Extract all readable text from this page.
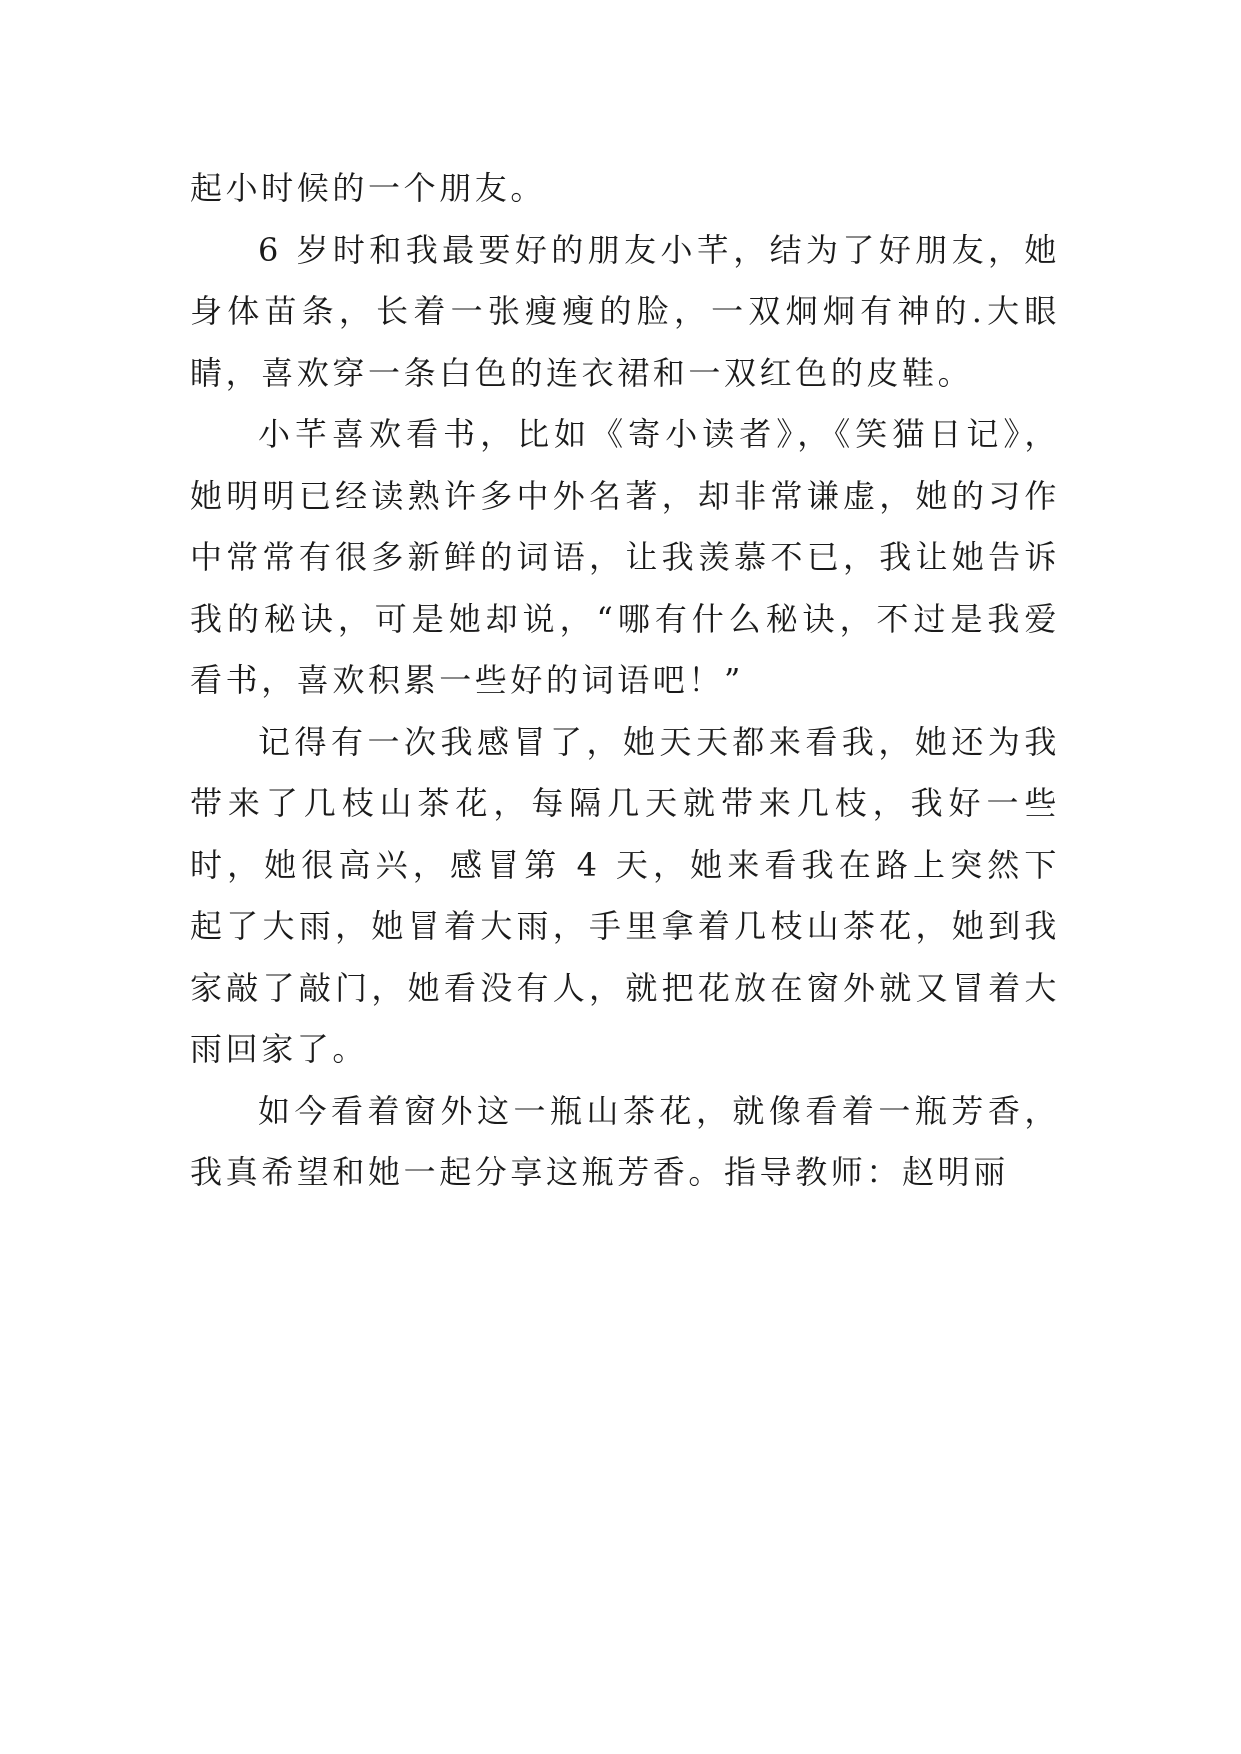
起小时候的一个朋友。

6 岁时和我最要好的朋友小芊，结为了好朋友，她身体苗条，长着一张瘦瘦的脸，一双炯炯有神的.大眼睛，喜欢穿一条白色的连衣裙和一双红色的皮鞋。

小芊喜欢看书，比如《寄小读者》，《笑猫日记》，她明明已经读熟许多中外名著，却非常谦虚，她的习作中常常有很多新鲜的词语，让我羡慕不已，我让她告诉我的秘诀，可是她却说，“哪有什么秘诀，不过是我爱看书，喜欢积累一些好的词语吧！”

记得有一次我感冒了，她天天都来看我，她还为我带来了几枝山茶花，每隔几天就带来几枝，我好一些时，她很高兴，感冒第 4 天，她来看我在路上突然下起了大雨，她冒着大雨，手里拿着几枝山茶花，她到我家敲了敲门，她看没有人，就把花放在窗外就又冒着大雨回家了。

如今看着窗外这一瓶山茶花，就像看着一瓶芳香，我真希望和她一起分享这瓶芳香。指导教师：赵明丽
